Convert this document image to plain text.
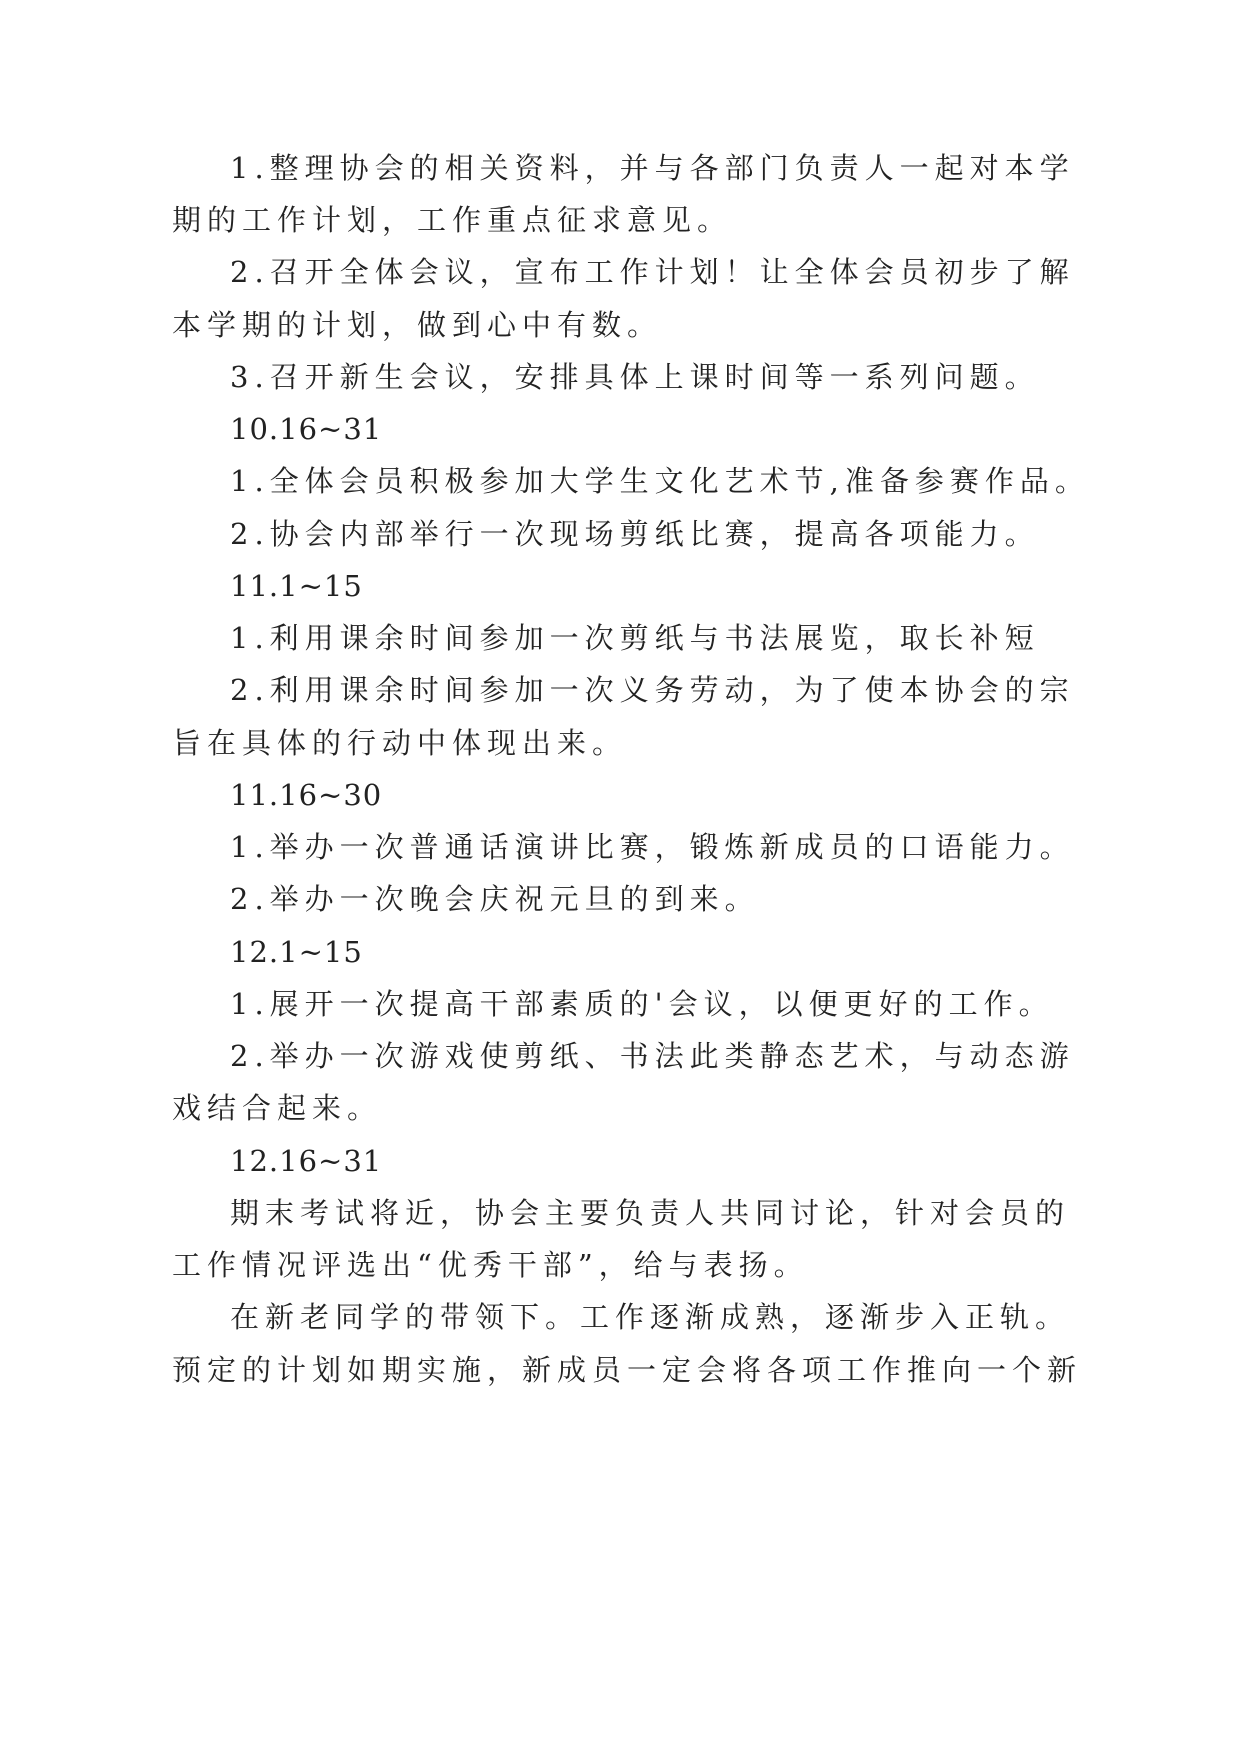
1.整理协会的相关资料，并与各部门负责人一起对本学
期的工作计划，工作重点征求意见。
2.召开全体会议，宣布工作计划！让全体会员初步了解
本学期的计划，做到心中有数。
3.召开新生会议，安排具体上课时间等一系列问题。
10.16~31
1.全体会员积极参加大学生文化艺术节,准备参赛作品。
2.协会内部举行一次现场剪纸比赛，提高各项能力。
11.1~15
1.利用课余时间参加一次剪纸与书法展览，取长补短
2.利用课余时间参加一次义务劳动，为了使本协会的宗
旨在具体的行动中体现出来。
11.16~30
1.举办一次普通话演讲比赛，锻炼新成员的口语能力。
2.举办一次晚会庆祝元旦的到来。
12.1~15
1.展开一次提高干部素质的'会议，以便更好的工作。
2.举办一次游戏使剪纸、书法此类静态艺术，与动态游
戏结合起来。
12.16~31
期末考试将近，协会主要负责人共同讨论，针对会员的
工作情况评选出“优秀干部”，给与表扬。
在新老同学的带领下。工作逐渐成熟，逐渐步入正轨。
预定的计划如期实施，新成员一定会将各项工作推向一个新
